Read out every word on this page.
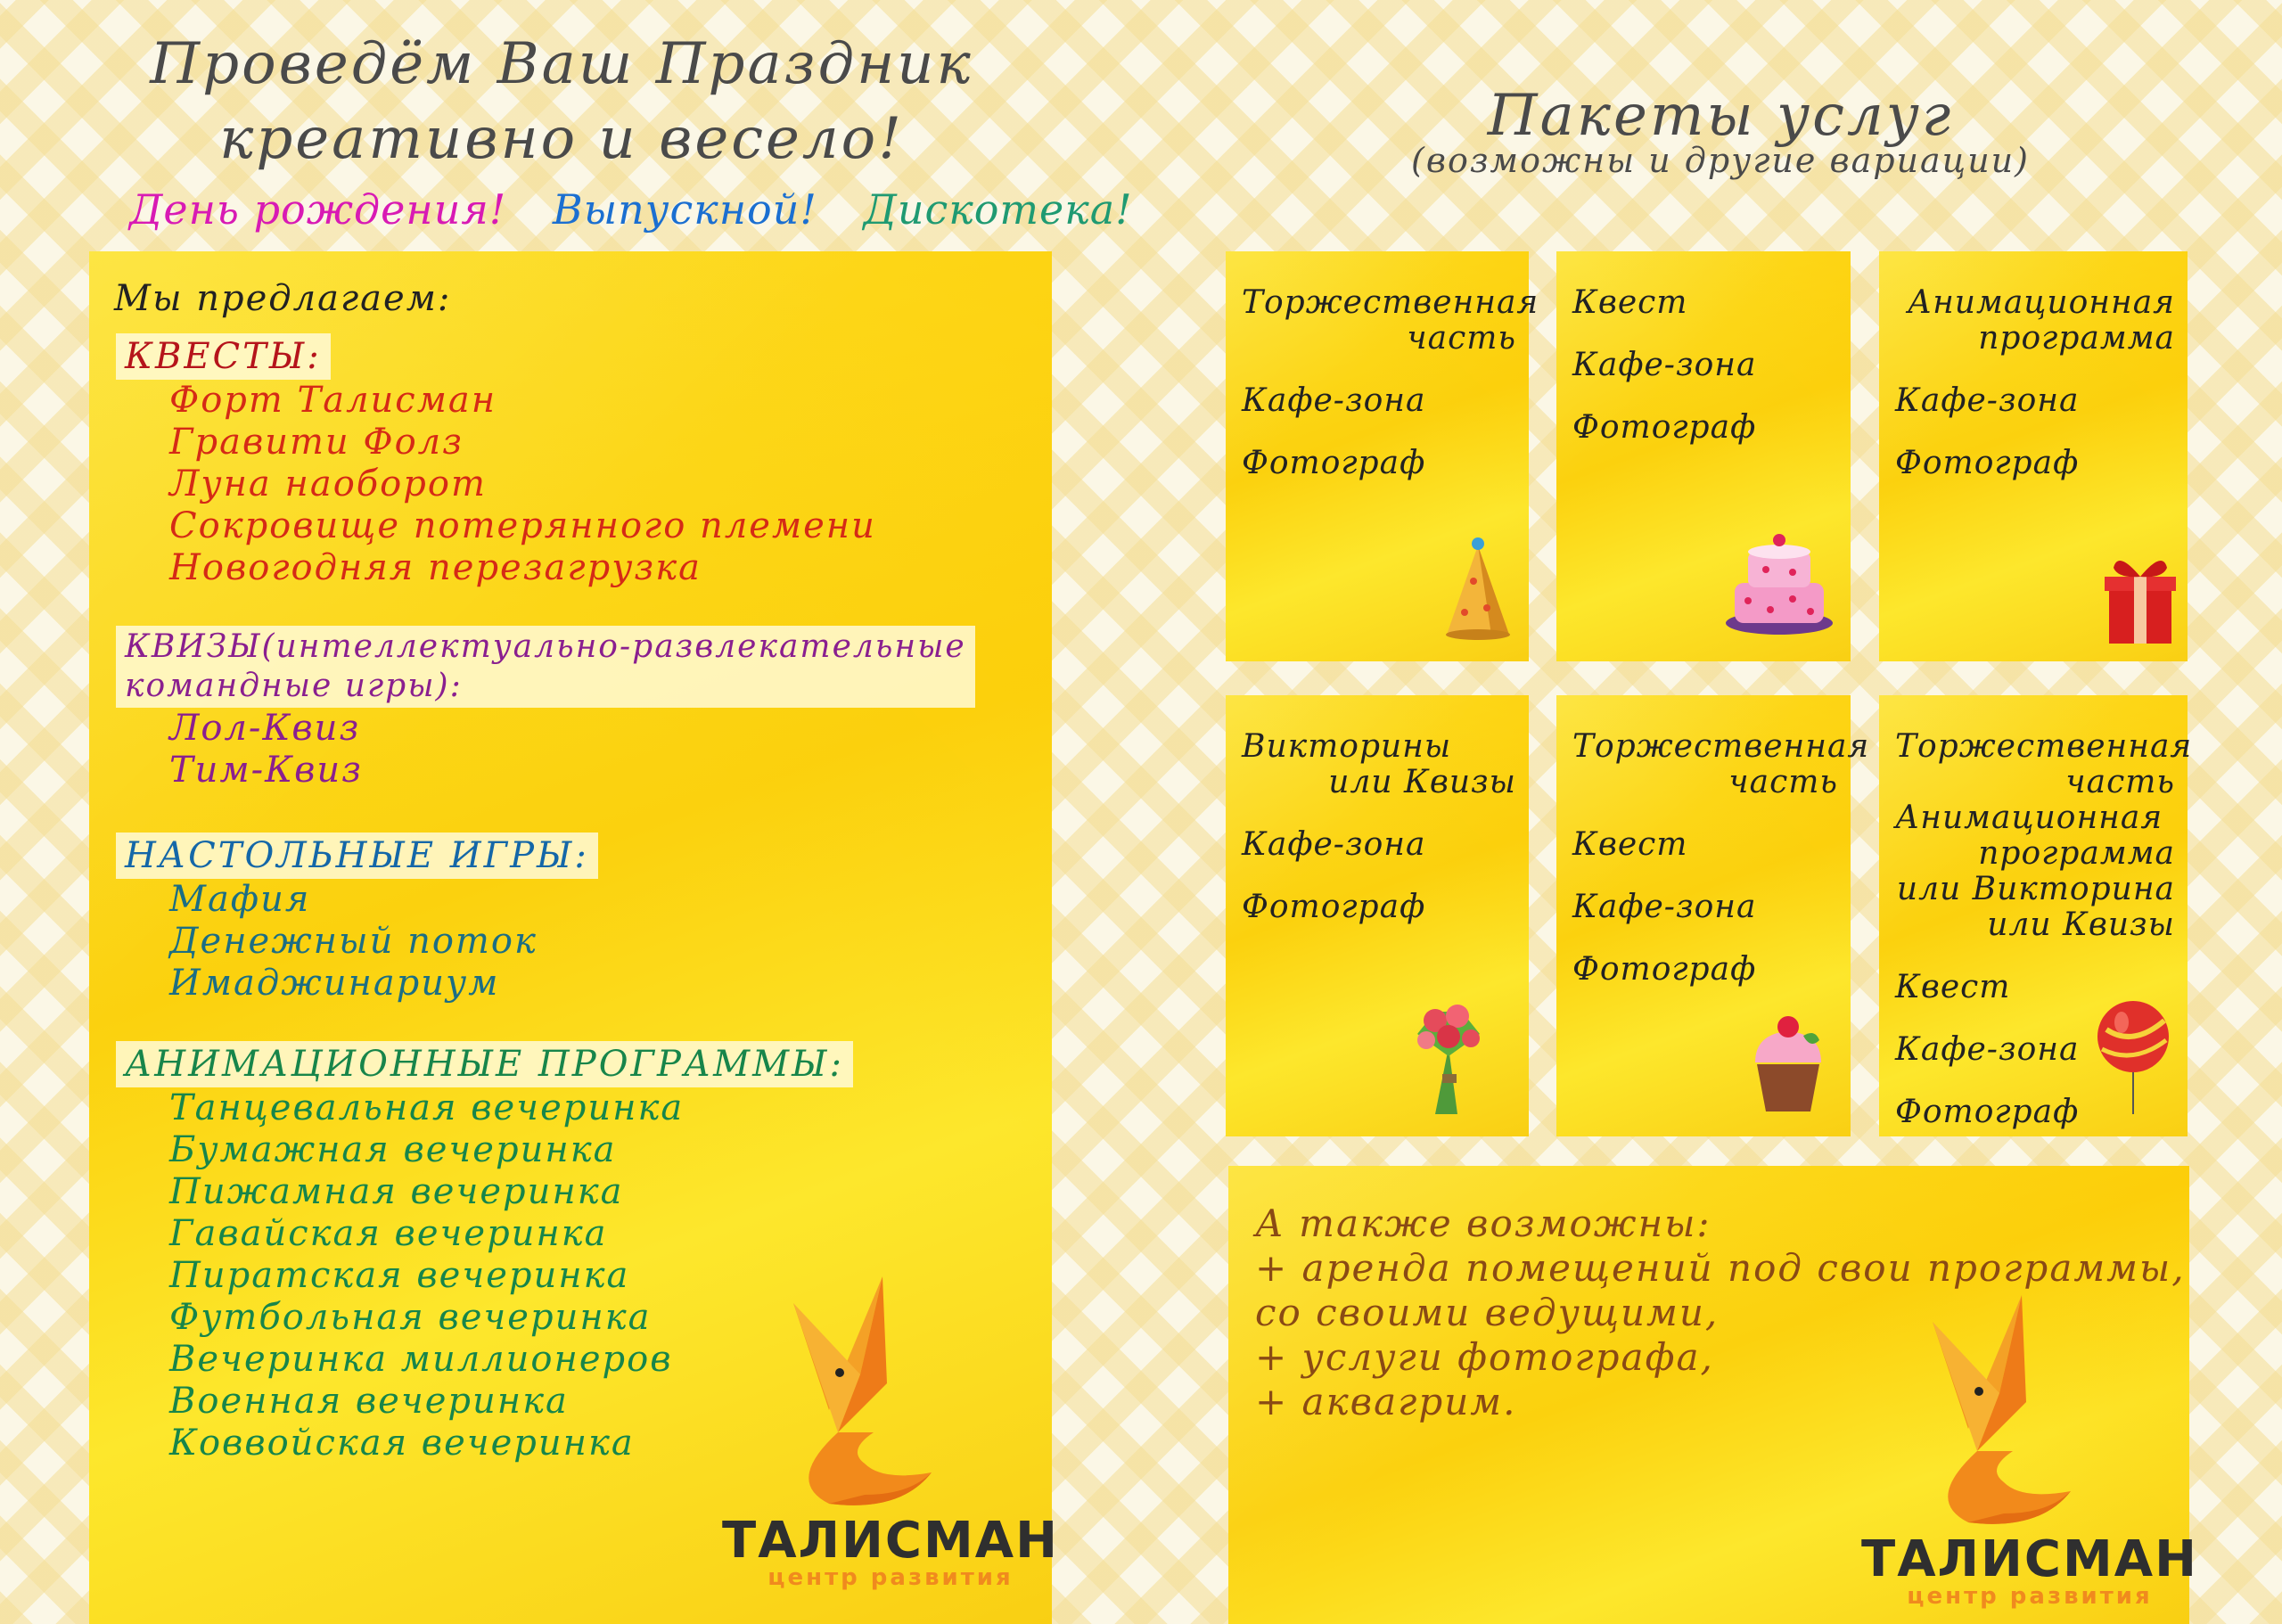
Проведём Ваш Праздник
креативно и весело!
День рождения! Выпускной! Дискотека!
Пакеты услуг
(возможны и другие вариации)
Мы предлагаем:
КВЕСТЫ:
Форт Талисман
Гравити Фолз
Луна наоборот
Сокровище потерянного племени
Новогодняя перезагрузка
КВИЗЫ(интеллектуально-развлекательные
командные игры):
Лол-Квиз
Тим-Квиз
НАСТОЛЬНЫЕ ИГРЫ:
Мафия
Денежный поток
Имаджинариум
АНИМАЦИОННЫЕ ПРОГРАММЫ:
Танцевальная вечеринка
Бумажная вечеринка
Пижамная вечеринка
Гавайская вечеринка
Пиратская вечеринка
Футбольная вечеринка
Вечеринка миллионеров
Военная вечеринка
Коввойская вечеринка
ТАЛИСМАН
центр развития
Торжественная
часть
Кафе-зона
Фотограф
Квест
Кафе-зона
Фотограф
Анимационная
программа
Кафе-зона
Фотограф
Викторины
или Квизы
Кафе-зона
Фотограф
Торжественная
часть
Квест
Кафе-зона
Фотограф
Торжественная
часть
Анимационная
программа
или Викторина
или Квизы
Квест
Кафе-зона
Фотограф
А также возможны:
+ аренда помещений под свои программы,
со своими ведущими,
+ услуги фотографа,
+ аквагрим.
ТАЛИСМАН
центр развития
